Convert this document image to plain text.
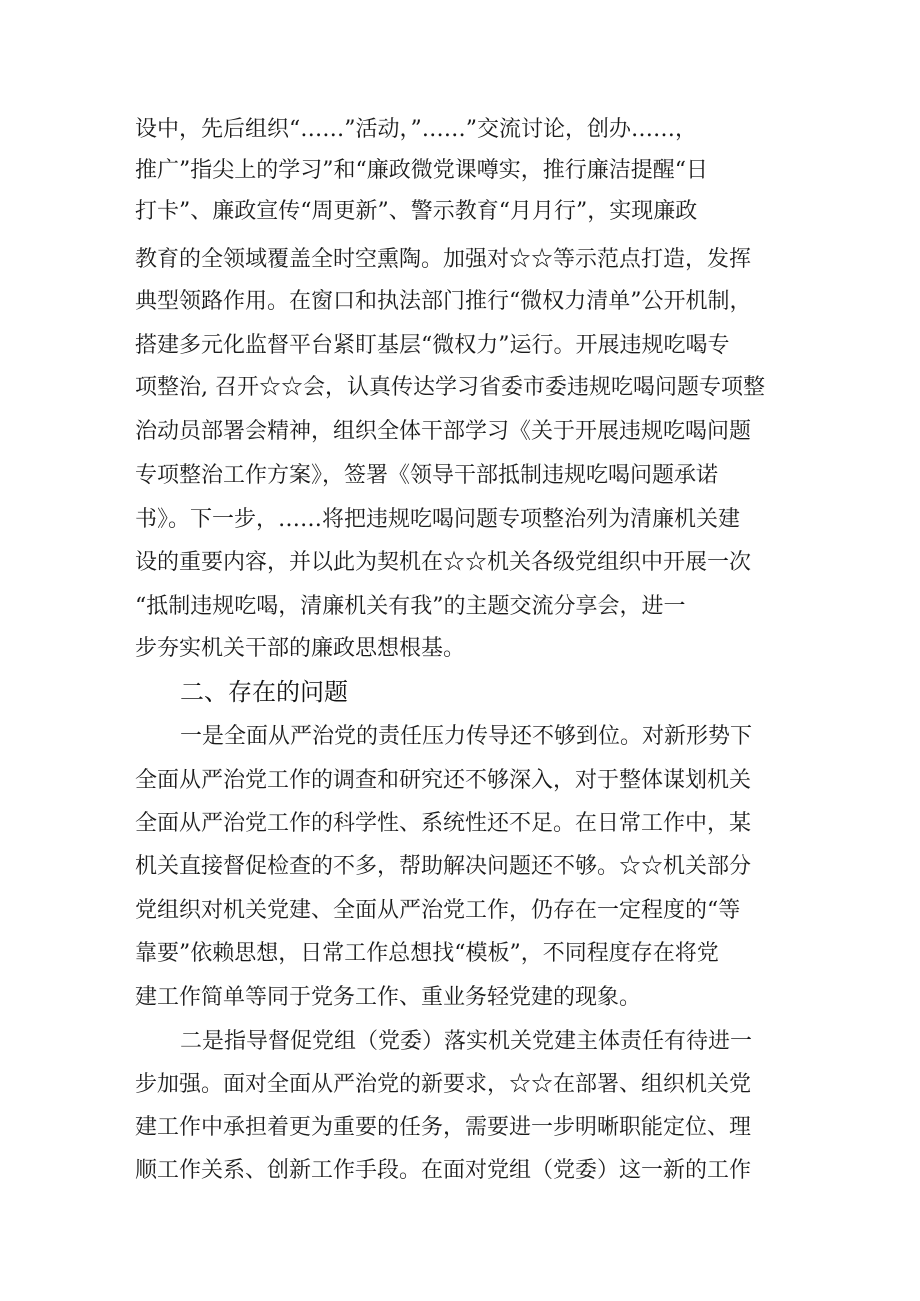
设中，先后组织“……”活动，”……”交流讨论，创办……，
推广”指尖上的学习”和“廉政微党课噂实，推行廉洁提醒“日
打卡”、廉政宣传“周更新”、警示教育“月月行”，实现廉政
教育的全领域覆盖全时空熏陶。加强对☆☆等示范点打造，发挥
典型领路作用。在窗口和执法部门推行“微权力清单”公开机制，
搭建多元化监督平台紧盯基层“微权力”运行。开展违规吃喝专
项整治, 召开☆☆会，认真传达学习省委市委违规吃喝问题专项整
治动员部署会精神，组织全体干部学习《关于开展违规吃喝问题
专项整治工作方案》，签署《领导干部抵制违规吃喝问题承诺
书》。下一步，……将把违规吃喝问题专项整治列为清廉机关建
设的重要内容，并以此为契机在☆☆机关各级党组织中开展一次
“抵制违规吃喝，清廉机关有我”的主题交流分享会，进一
步夯实机关干部的廉政思想根基。
二、存在的问题
一是全面从严治党的责任压力传导还不够到位。对新形势下
全面从严治党工作的调查和研究还不够深入，对于整体谋划机关
全面从严治党工作的科学性、系统性还不足。在日常工作中，某
机关直接督促检查的不多，帮助解决问题还不够。☆☆机关部分
党组织对机关党建、全面从严治党工作，仍存在一定程度的“等
靠要”依赖思想，日常工作总想找“模板”，不同程度存在将党
建工作简单等同于党务工作、重业务轻党建的现象。
二是指导督促党组（党委）落实机关党建主体责任有待进一
步加强。面对全面从严治党的新要求，☆☆在部署、组织机关党
建工作中承担着更为重要的任务，需要进一步明晰职能定位、理
顺工作关系、创新工作手段。在面对党组（党委）这一新的工作
